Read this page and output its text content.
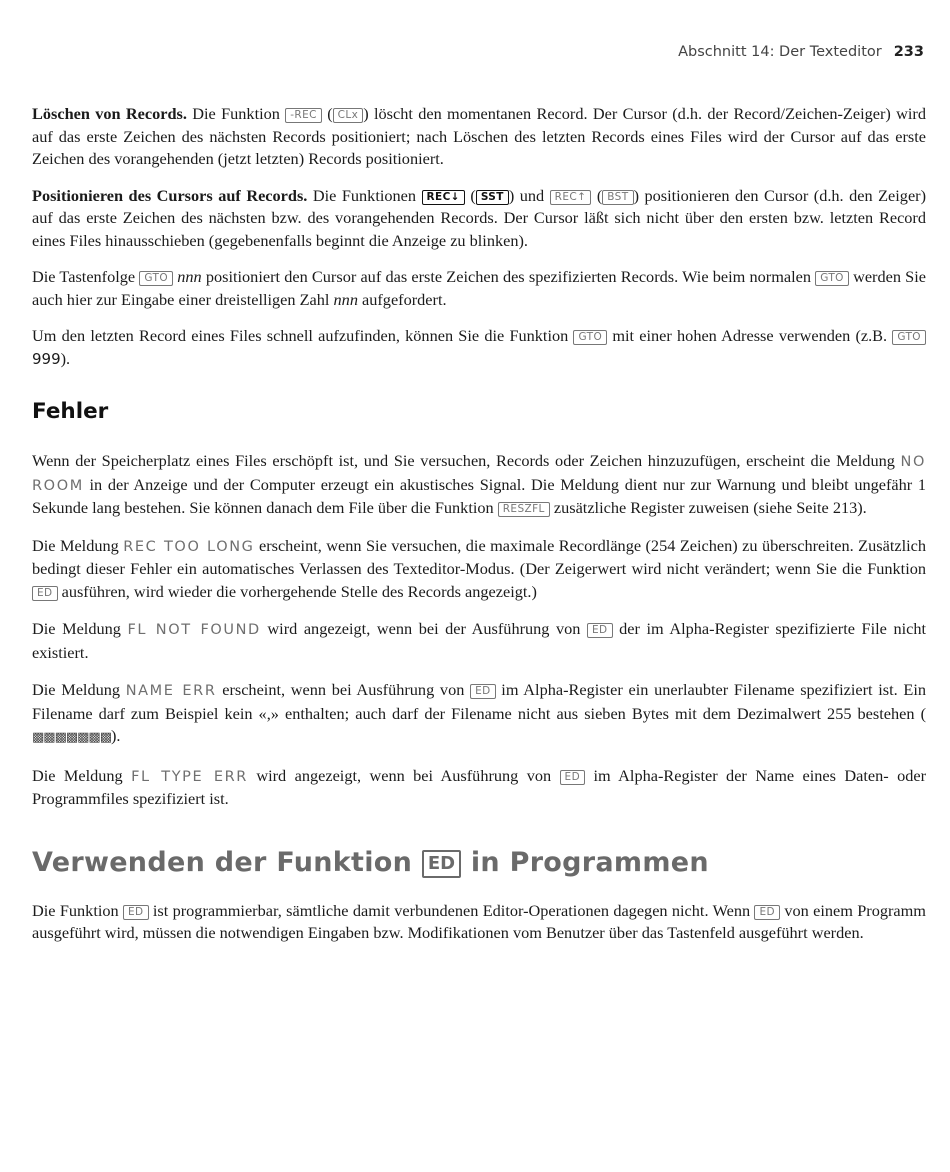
Abschnitt 14: Der Texteditor 233

Löschen von Records. Die Funktion -REC ( CLx ) löscht den momentanen Record. Der Cursor (d.h. der Record/Zeichen-Zeiger) wird auf das erste Zeichen des nächsten Records positioniert; nach Löschen des letzten Records eines Files wird der Cursor auf das erste Zeichen des vorangehenden (jetzt letzten) Records positioniert.

Positionieren des Cursors auf Records. Die Funktionen REC↓ ( SST ) und REC↑ ( BST ) positionieren den Cursor (d.h. den Zeiger) auf das erste Zeichen des nächsten bzw. des vorangehenden Records. Der Cursor läßt sich nicht über den ersten bzw. letzten Record eines Files hinausschieben (gegebenenfalls beginnt die Anzeige zu blinken).

Die Tastenfolge GTO nnn positioniert den Cursor auf das erste Zeichen des spezifizierten Records. Wie beim normalen GTO werden Sie auch hier zur Eingabe einer dreistelligen Zahl nnn aufgefordert.

Um den letzten Record eines Files schnell aufzufinden, können Sie die Funktion GTO mit einer hohen Adresse verwenden (z.B. GTO 999).

Fehler

Wenn der Speicherplatz eines Files erschöpft ist, und Sie versuchen, Records oder Zeichen hinzuzufügen, erscheint die Meldung NO ROOM in der Anzeige und der Computer erzeugt ein akustisches Signal. Die Meldung dient nur zur Warnung und bleibt ungefähr 1 Sekunde lang bestehen. Sie können danach dem File über die Funktion RESZFL zusätzliche Register zuweisen (siehe Seite 213).

Die Meldung REC TOO LONG erscheint, wenn Sie versuchen, die maximale Recordlänge (254 Zeichen) zu überschreiten. Zusätzlich bedingt dieser Fehler ein automatisches Verlassen des Texteditor-Modus. (Der Zeigerwert wird nicht verändert; wenn Sie die Funktion ED ausführen, wird wieder die vorhergehende Stelle des Records angezeigt.)

Die Meldung FL NOT FOUND wird angezeigt, wenn bei der Ausführung von ED der im Alpha-Register spezifizierte File nicht existiert.

Die Meldung NAME ERR erscheint, wenn bei Ausführung von ED im Alpha-Register ein unerlaubter Filename spezifiziert ist. Ein Filename darf zum Beispiel kein «,» enthalten; auch darf der Filename nicht aus sieben Bytes mit dem Dezimalwert 255 bestehen (▩▩▩▩▩▩▩).

Die Meldung FL TYPE ERR wird angezeigt, wenn bei Ausführung von ED im Alpha-Register der Name eines Daten- oder Programmfiles spezifiziert ist.

Verwenden der Funktion ED in Programmen

Die Funktion ED ist programmierbar, sämtliche damit verbundenen Editor-Operationen dagegen nicht. Wenn ED von einem Programm ausgeführt wird, müssen die notwendigen Eingaben bzw. Modifikationen vom Benutzer über das Tastenfeld ausgeführt werden.
